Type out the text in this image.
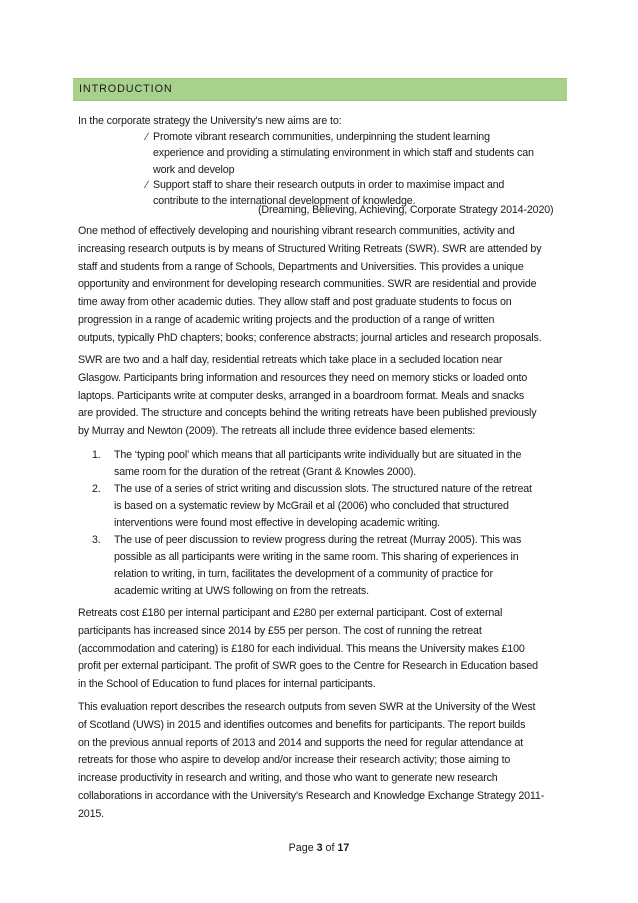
INTRODUCTION
In the corporate strategy the University's new aims are to:
∕ Promote vibrant research communities, underpinning the student learning
experience and providing a stimulating environment in which staff and students can
work and develop
∕ Support staff to share their research outputs in order to maximise impact and
contribute to the international development of knowledge.
(Dreaming, Believing, Achieving, Corporate Strategy 2014-2020)
One method of effectively developing and nourishing vibrant research communities, activity and
increasing research outputs is by means of Structured Writing Retreats (SWR). SWR are attended by
staff and students from a range of Schools, Departments and Universities. This provides a unique
opportunity and environment for developing research communities. SWR are residential and provide
time away from other academic duties. They allow staff and post graduate students to focus on
progression in a range of academic writing projects and the production of a range of written
outputs, typically PhD chapters; books; conference abstracts; journal articles and research proposals.
SWR are two and a half day, residential retreats which take place in a secluded location near
Glasgow. Participants bring information and resources they need on memory sticks or loaded onto
laptops. Participants write at computer desks, arranged in a boardroom format. Meals and snacks
are provided. The structure and concepts behind the writing retreats have been published previously
by Murray and Newton (2009). The retreats all include three evidence based elements:
1. The ‘typing pool’ which means that all participants write individually but are situated in the
same room for the duration of the retreat (Grant & Knowles 2000).
2. The use of a series of strict writing and discussion slots. The structured nature of the retreat
is based on a systematic review by McGrail et al (2006) who concluded that structured
interventions were found most effective in developing academic writing.
3. The use of peer discussion to review progress during the retreat (Murray 2005). This was
possible as all participants were writing in the same room. This sharing of experiences in
relation to writing, in turn, facilitates the development of a community of practice for
academic writing at UWS following on from the retreats.
Retreats cost £180 per internal participant and £280 per external participant. Cost of external
participants has increased since 2014 by £55 per person. The cost of running the retreat
(accommodation and catering) is £180 for each individual. This means the University makes £100
profit per external participant. The profit of SWR goes to the Centre for Research in Education based
in the School of Education to fund places for internal participants.
This evaluation report describes the research outputs from seven SWR at the University of the West
of Scotland (UWS) in 2015 and identifies outcomes and benefits for participants. The report builds
on the previous annual reports of 2013 and 2014 and supports the need for regular attendance at
retreats for those who aspire to develop and/or increase their research activity; those aiming to
increase productivity in research and writing, and those who want to generate new research
collaborations in accordance with the University's Research and Knowledge Exchange Strategy 2011-
2015.
Page 3 of 17
